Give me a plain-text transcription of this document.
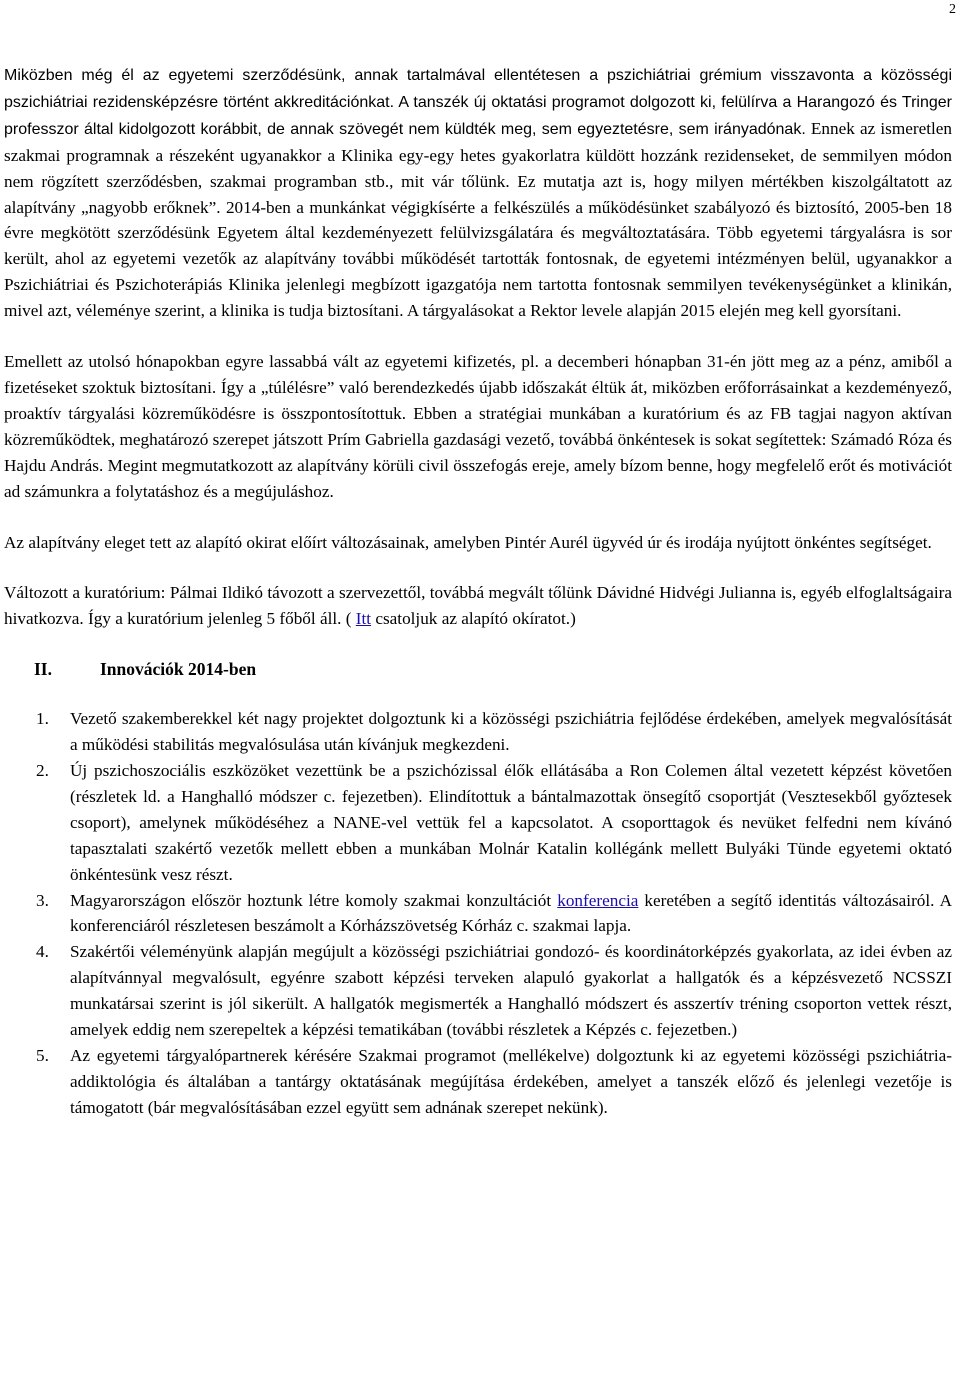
2

Miközben még él az egyetemi szerződésünk, annak tartalmával ellentétesen a pszichiátriai grémium visszavonta a közösségi pszichiátriai rezidensképzésre történt akkreditációnkat. A tanszék új oktatási programot dolgozott ki, felülírva a Harangozó és Tringer professzor által kidolgozott korábbit, de annak szövegét nem küldték meg, sem egyeztetésre, sem irányadónak. Ennek az ismeretlen szakmai programnak a részeként ugyanakkor a Klinika egy-egy hetes gyakorlatra küldött hozzánk rezidenseket, de semmilyen módon nem rögzített szerződésben, szakmai programban stb., mit vár tőlünk. Ez mutatja azt is, hogy milyen mértékben kiszolgáltatott az alapítvány „nagyobb erőknek”. 2014-ben a munkánkat végigkísérte a felkészülés a működésünket szabályozó és biztosító, 2005-ben 18 évre megkötött szerződésünk Egyetem által kezdeményezett felülvizsgálatára és megváltoztatására. Több egyetemi tárgyalásra is sor került, ahol az egyetemi vezetők az alapítvány további működését tartották fontosnak, de egyetemi intézményen belül, ugyanakkor a Pszichiátriai és Pszichoterápiás Klinika jelenlegi megbízott igazgatója nem tartotta fontosnak semmilyen tevékenységünket a klinikán, mivel azt, véleménye szerint, a klinika is tudja biztosítani. A tárgyalásokat a Rektor levele alapján 2015 elején meg kell gyorsítani.

Emellett az utolsó hónapokban egyre lassabbá vált az egyetemi kifizetés, pl. a decemberi hónapban 31-én jött meg az a pénz, amiből a fizetéseket szoktuk biztosítani. Így a „túlélésre” való berendezkedés újabb időszakát éltük át, miközben erőforrásainkat a kezdeményező, proaktív tárgyalási közreműködésre is összpontosítottuk. Ebben a stratégiai munkában a kuratórium és az FB tagjai nagyon aktívan közreműködtek, meghatározó szerepet játszott Prím Gabriella gazdasági vezető, továbbá önkéntesek is sokat segítettek: Számadó Róza és Hajdu András. Megint megmutatkozott az alapítvány körüli civil összefogás ereje, amely bízom benne, hogy megfelelő erőt és motivációt ad számunkra a folytatáshoz és a megújuláshoz.

Az alapítvány eleget tett az alapító okirat előírt változásainak, amelyben Pintér Aurél ügyvéd úr és irodája nyújtott önkéntes segítséget.

Változott a kuratórium: Pálmai Ildikó távozott a szervezettől, továbbá megvált tőlünk Dávidné Hidvégi Julianna is, egyéb elfoglaltságaira hivatkozva. Így a kuratórium jelenleg 5 főből áll. ( Itt csatoljuk az alapító okíratot.)

II.	Innovációk 2014-ben
1.	Vezető szakemberekkel két nagy projektet dolgoztunk ki a közösségi pszichiátria fejlődése érdekében, amelyek megvalósítását a működési stabilitás megvalósulása után kívánjuk megkezdeni.
2.	Új pszichoszociális eszközöket vezettünk be a pszichózissal élők ellátásába a Ron Colemen által vezetett képzést követően (részletek ld. a Hanghalló módszer c. fejezetben). Elindítottuk a bántalmazottak önsegítő csoportját (Vesztesekből győztesek csoport), amelynek működéséhez a NANE-vel vettük fel a kapcsolatot. A csoporttagok és nevüket felfedni nem kívánó tapasztalati szakértő vezetők mellett ebben a munkában Molnár Katalin kollégánk mellett Bulyáki Tünde egyetemi oktató önkéntesünk vesz részt.
3.	Magyarországon először hoztunk létre komoly szakmai konzultációt konferencia keretében a segítő identitás változásairól. A konferenciáról részletesen beszámolt a Kórházszövetség Kórház c. szakmai lapja.
4.	Szakértői véleményünk alapján megújult a közösségi pszichiátriai gondozó- és koordinátorképzés gyakorlata, az idei évben az alapítvánnyal megvalósult, egyénre szabott képzési terveken alapuló gyakorlat a hallgatók és a képzésvezető NCSSZI munkatársai szerint is jól sikerült. A hallgatók megismerték a Hanghalló módszert és asszertív tréning csoporton vettek részt, amelyek eddig nem szerepeltek a képzési tematikában (további részletek a Képzés c. fejezetben.)
5.	Az egyetemi tárgyalópartnerek kérésére Szakmai programot (mellékelve) dolgoztunk ki az egyetemi közösségi pszichiátria-addiktológia és általában a tantárgy oktatásának megújítása érdekében, amelyet a tanszék előző és jelenlegi vezetője is támogatott (bár megvalósításában ezzel együtt sem adnának szerepet nekünk).
